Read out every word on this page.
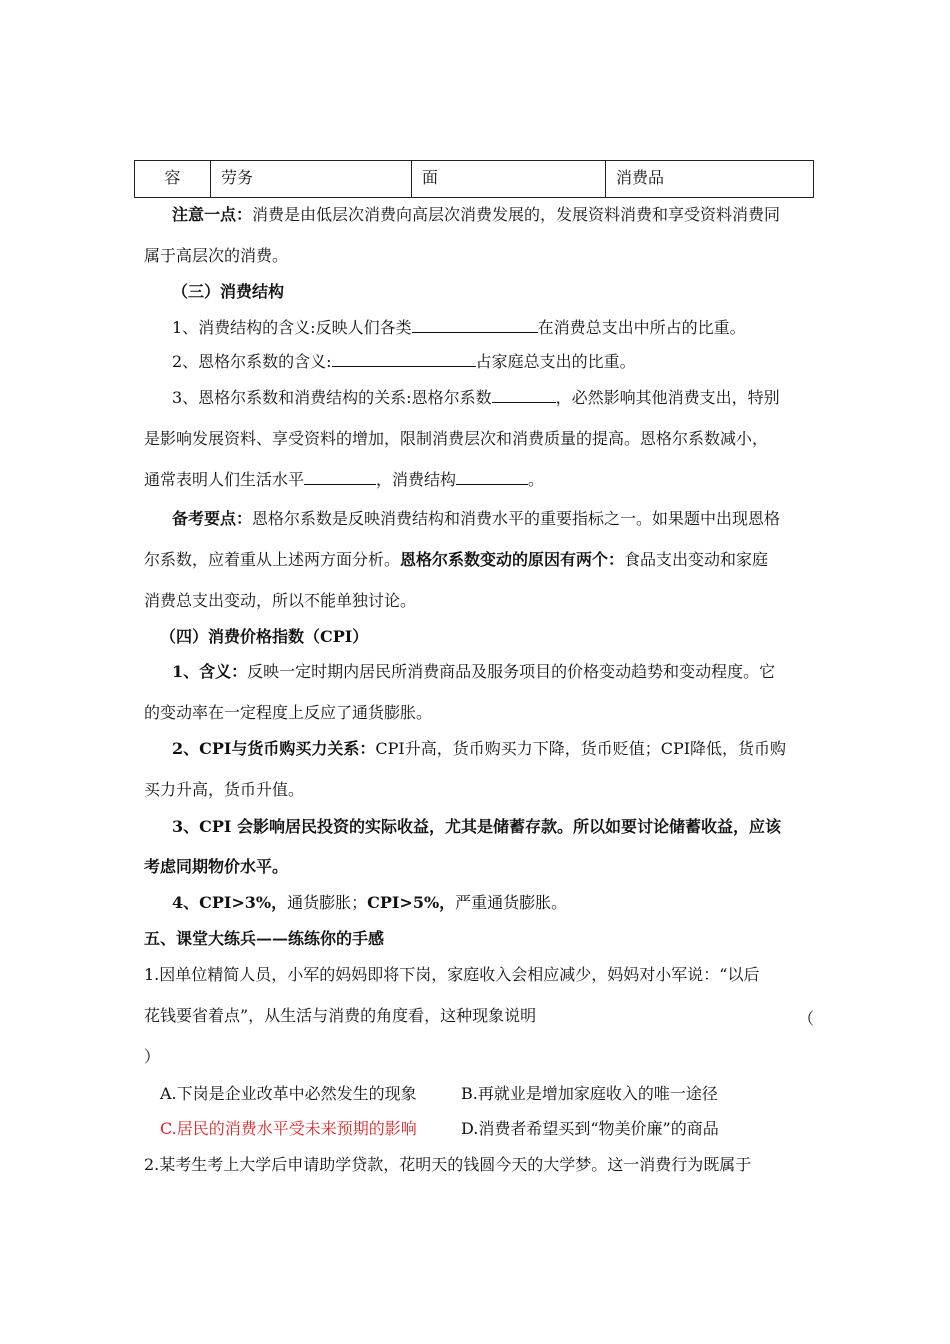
容	劳务	面	消费品
注意一点：消费是由低层次消费向高层次消费发展的，发展资料消费和享受资料消费同
属于高层次的消费。
（三）消费结构
1、消费结构的含义:反映人们各类	在消费总支出中所占的比重。
2、恩格尔系数的含义:	占家庭总支出的比重。
3、恩格尔系数和消费结构的关系:恩格尔系数	，必然影响其他消费支出，特别
是影响发展资料、享受资料的增加，限制消费层次和消费质量的提高。恩格尔系数减小，
通常表明人们生活水平	，消费结构	。
备考要点：恩格尔系数是反映消费结构和消费水平的重要指标之一。如果题中出现恩格
尔系数，应着重从上述两方面分析。恩格尔系数变动的原因有两个：食品支出变动和家庭
消费总支出变动，所以不能单独讨论。
（四）消费价格指数（CPI）
1、含义：反映一定时期内居民所消费商品及服务项目的价格变动趋势和变动程度。它
的变动率在一定程度上反应了通货膨胀。
2、CPI与货币购买力关系：CPI升高，货币购买力下降，货币贬值；CPI降低，货币购
买力升高，货币升值。
3、CPI 会影响居民投资的实际收益，尤其是储蓄存款。所以如要讨论储蓄收益，应该
考虑同期物价水平。
4、CPI>3%，通货膨胀；CPI>5%，严重通货膨胀。
五、课堂大练兵——练练你的手感
1.因单位精简人员，小军的妈妈即将下岗，家庭收入会相应减少，妈妈对小军说：“以后
花钱要省着点”，从生活与消费的角度看，这种现象说明	（
）
A.下岗是企业改革中必然发生的现象	B.再就业是增加家庭收入的唯一途径
C.居民的消费水平受未来预期的影响	D.消费者希望买到“物美价廉”的商品
2.某考生考上大学后申请助学贷款，花明天的钱圆今天的大学梦。这一消费行为既属于
